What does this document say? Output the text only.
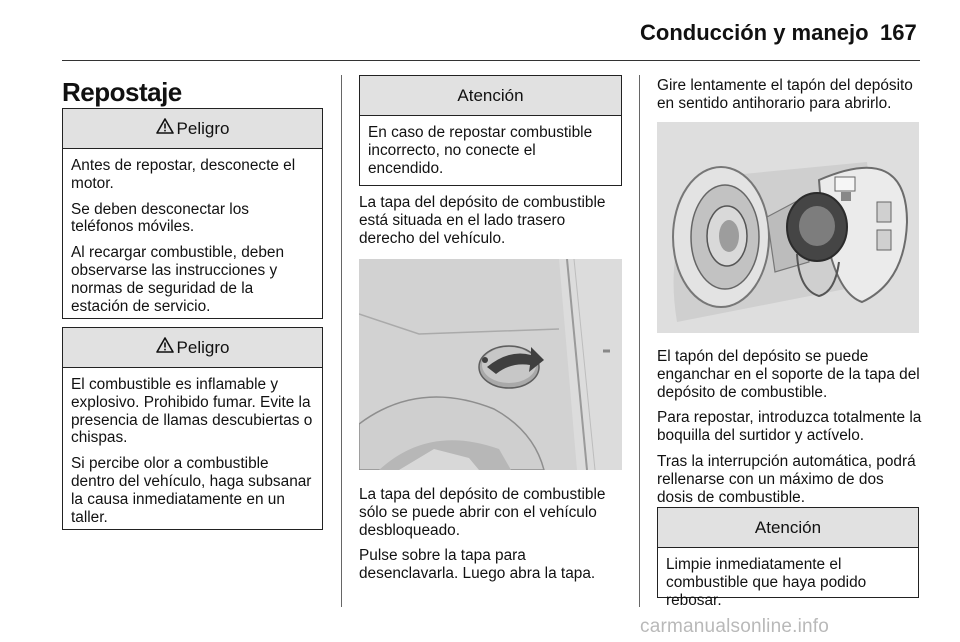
Conducción y manejo 167
Repostaje
Peligro

Antes de repostar, desconecte el motor.

Se deben desconectar los teléfonos móviles.

Al recargar combustible, deben observarse las instrucciones y normas de seguridad de la estación de servicio.

Peligro

El combustible es inflamable y explosivo. Prohibido fumar. Evite la presencia de llamas descubiertas o chispas.

Si percibe olor a combustible dentro del vehículo, haga subsanar la causa inmediatamente en un taller.

Atención

En caso de repostar combustible incorrecto, no conecte el encendido.

La tapa del depósito de combustible está situada en el lado trasero derecho del vehículo.

La tapa del depósito de combustible sólo se puede abrir con el vehículo desbloqueado.

Pulse sobre la tapa para desenclavarla. Luego abra la tapa.

Gire lentamente el tapón del depósito en sentido antihorario para abrirlo.

El tapón del depósito se puede enganchar en el soporte de la tapa del depósito de combustible.

Para repostar, introduzca totalmente la boquilla del surtidor y actívelo.

Tras la interrupción automática, podrá rellenarse con un máximo de dos dosis de combustible.

Atención

Limpie inmediatamente el combustible que haya podido rebosar.

carmanualsonline.info
